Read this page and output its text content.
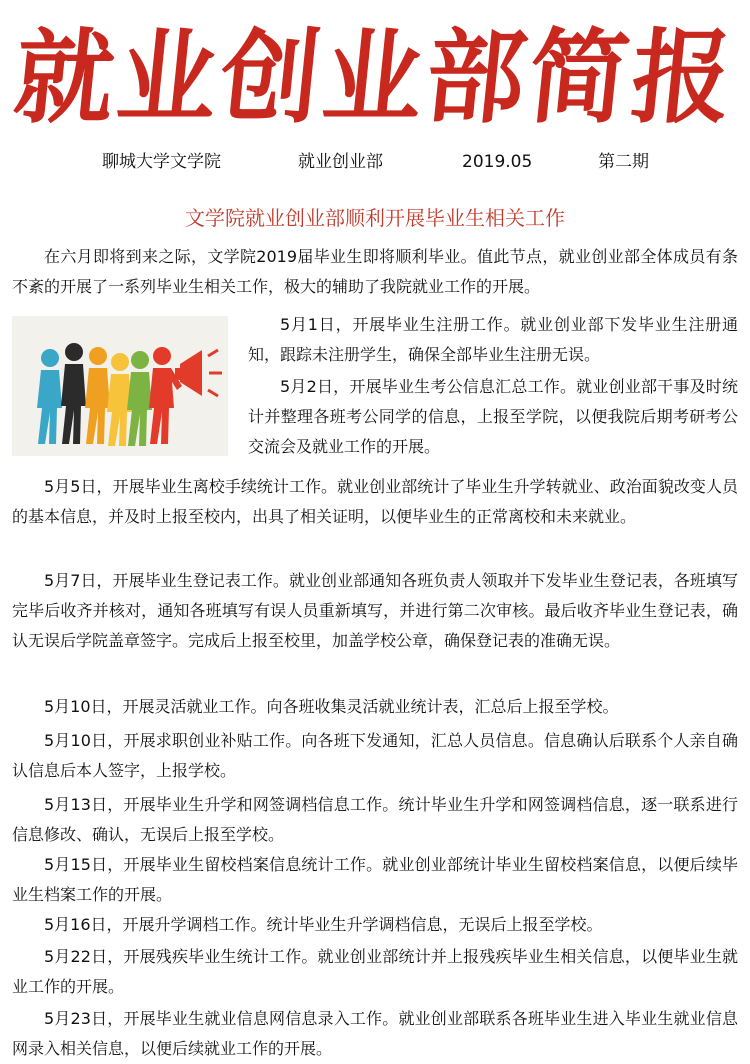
就业创业部简报
聊城大学文学院	就业创业部	2019.05	第二期
文学院就业创业部顺利开展毕业生相关工作

在六月即将到来之际，文学院2019届毕业生即将顺利毕业。值此节点，就业创业部全体成员有条不紊的开展了一系列毕业生相关工作，极大的辅助了我院就业工作的开展。

5月1日，开展毕业生注册工作。就业创业部下发毕业生注册通知，跟踪未注册学生，确保全部毕业生注册无误。

5月2日，开展毕业生考公信息汇总工作。就业创业部干事及时统计并整理各班考公同学的信息，上报至学院，以便我院后期考研考公交流会及就业工作的开展。

5月5日，开展毕业生离校手续统计工作。就业创业部统计了毕业生升学转就业、政治面貌改变人员的基本信息，并及时上报至校内，出具了相关证明，以便毕业生的正常离校和未来就业。

5月7日，开展毕业生登记表工作。就业创业部通知各班负责人领取并下发毕业生登记表，各班填写完毕后收齐并核对，通知各班填写有误人员重新填写，并进行第二次审核。最后收齐毕业生登记表，确认无误后学院盖章签字。完成后上报至校里，加盖学校公章，确保登记表的准确无误。

5月10日，开展灵活就业工作。向各班收集灵活就业统计表，汇总后上报至学校。

5月10日，开展求职创业补贴工作。向各班下发通知，汇总人员信息。信息确认后联系个人亲自确认信息后本人签字，上报学校。

5月13日，开展毕业生升学和网签调档信息工作。统计毕业生升学和网签调档信息，逐一联系进行信息修改、确认，无误后上报至学校。

5月15日，开展毕业生留校档案信息统计工作。就业创业部统计毕业生留校档案信息，以便后续毕业生档案工作的开展。

5月16日，开展升学调档工作。统计毕业生升学调档信息，无误后上报至学校。

5月22日，开展残疾毕业生统计工作。就业创业部统计并上报残疾毕业生相关信息，以便毕业生就业工作的开展。

5月23日，开展毕业生就业信息网信息录入工作。就业创业部联系各班毕业生进入毕业生就业信息网录入相关信息，以便后续就业工作的开展。
